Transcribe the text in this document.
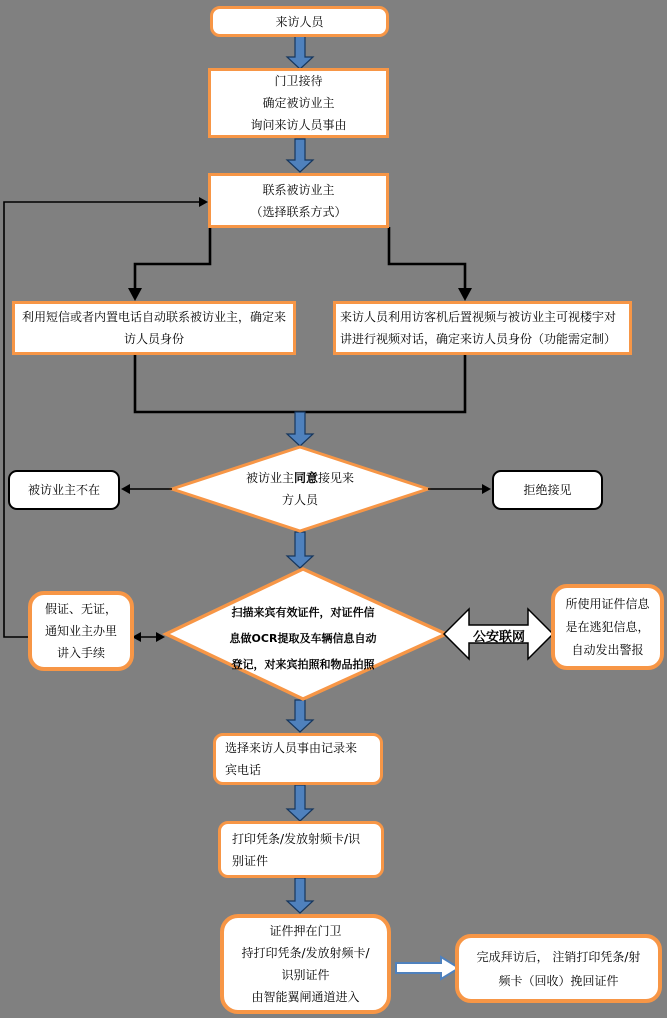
来访人员
门卫接待
确定被访业主
询问来访人员事由
联系被访业主
（选择联系方式）
利用短信或者内置电话自动联系被访业主，确定来访人员身份
来访人员利用访客机后置视频与被访业主可视楼宇对讲进行视频对话，确定来访人员身份（功能需定制）
被访业主同意接见来
方人员
被访业主不在	拒绝接见
扫描来宾有效证件，对证件信
息做OCR提取及车辆信息自动
登记，对来宾拍照和物品拍照
假证、无证，
通知业主办里
讲入手续
公安联网
所使用证件信息
是在逃犯信息，
自动发出警报
选择来访人员事由记录来
宾电话
打印凭条/发放射频卡/识
别证件
证件押在门卫
持打印凭条/发放射频卡/
识别证件
由智能翼闸通道进入
完成拜访后， 注销打印凭条/射
频卡（回收）挽回证件
